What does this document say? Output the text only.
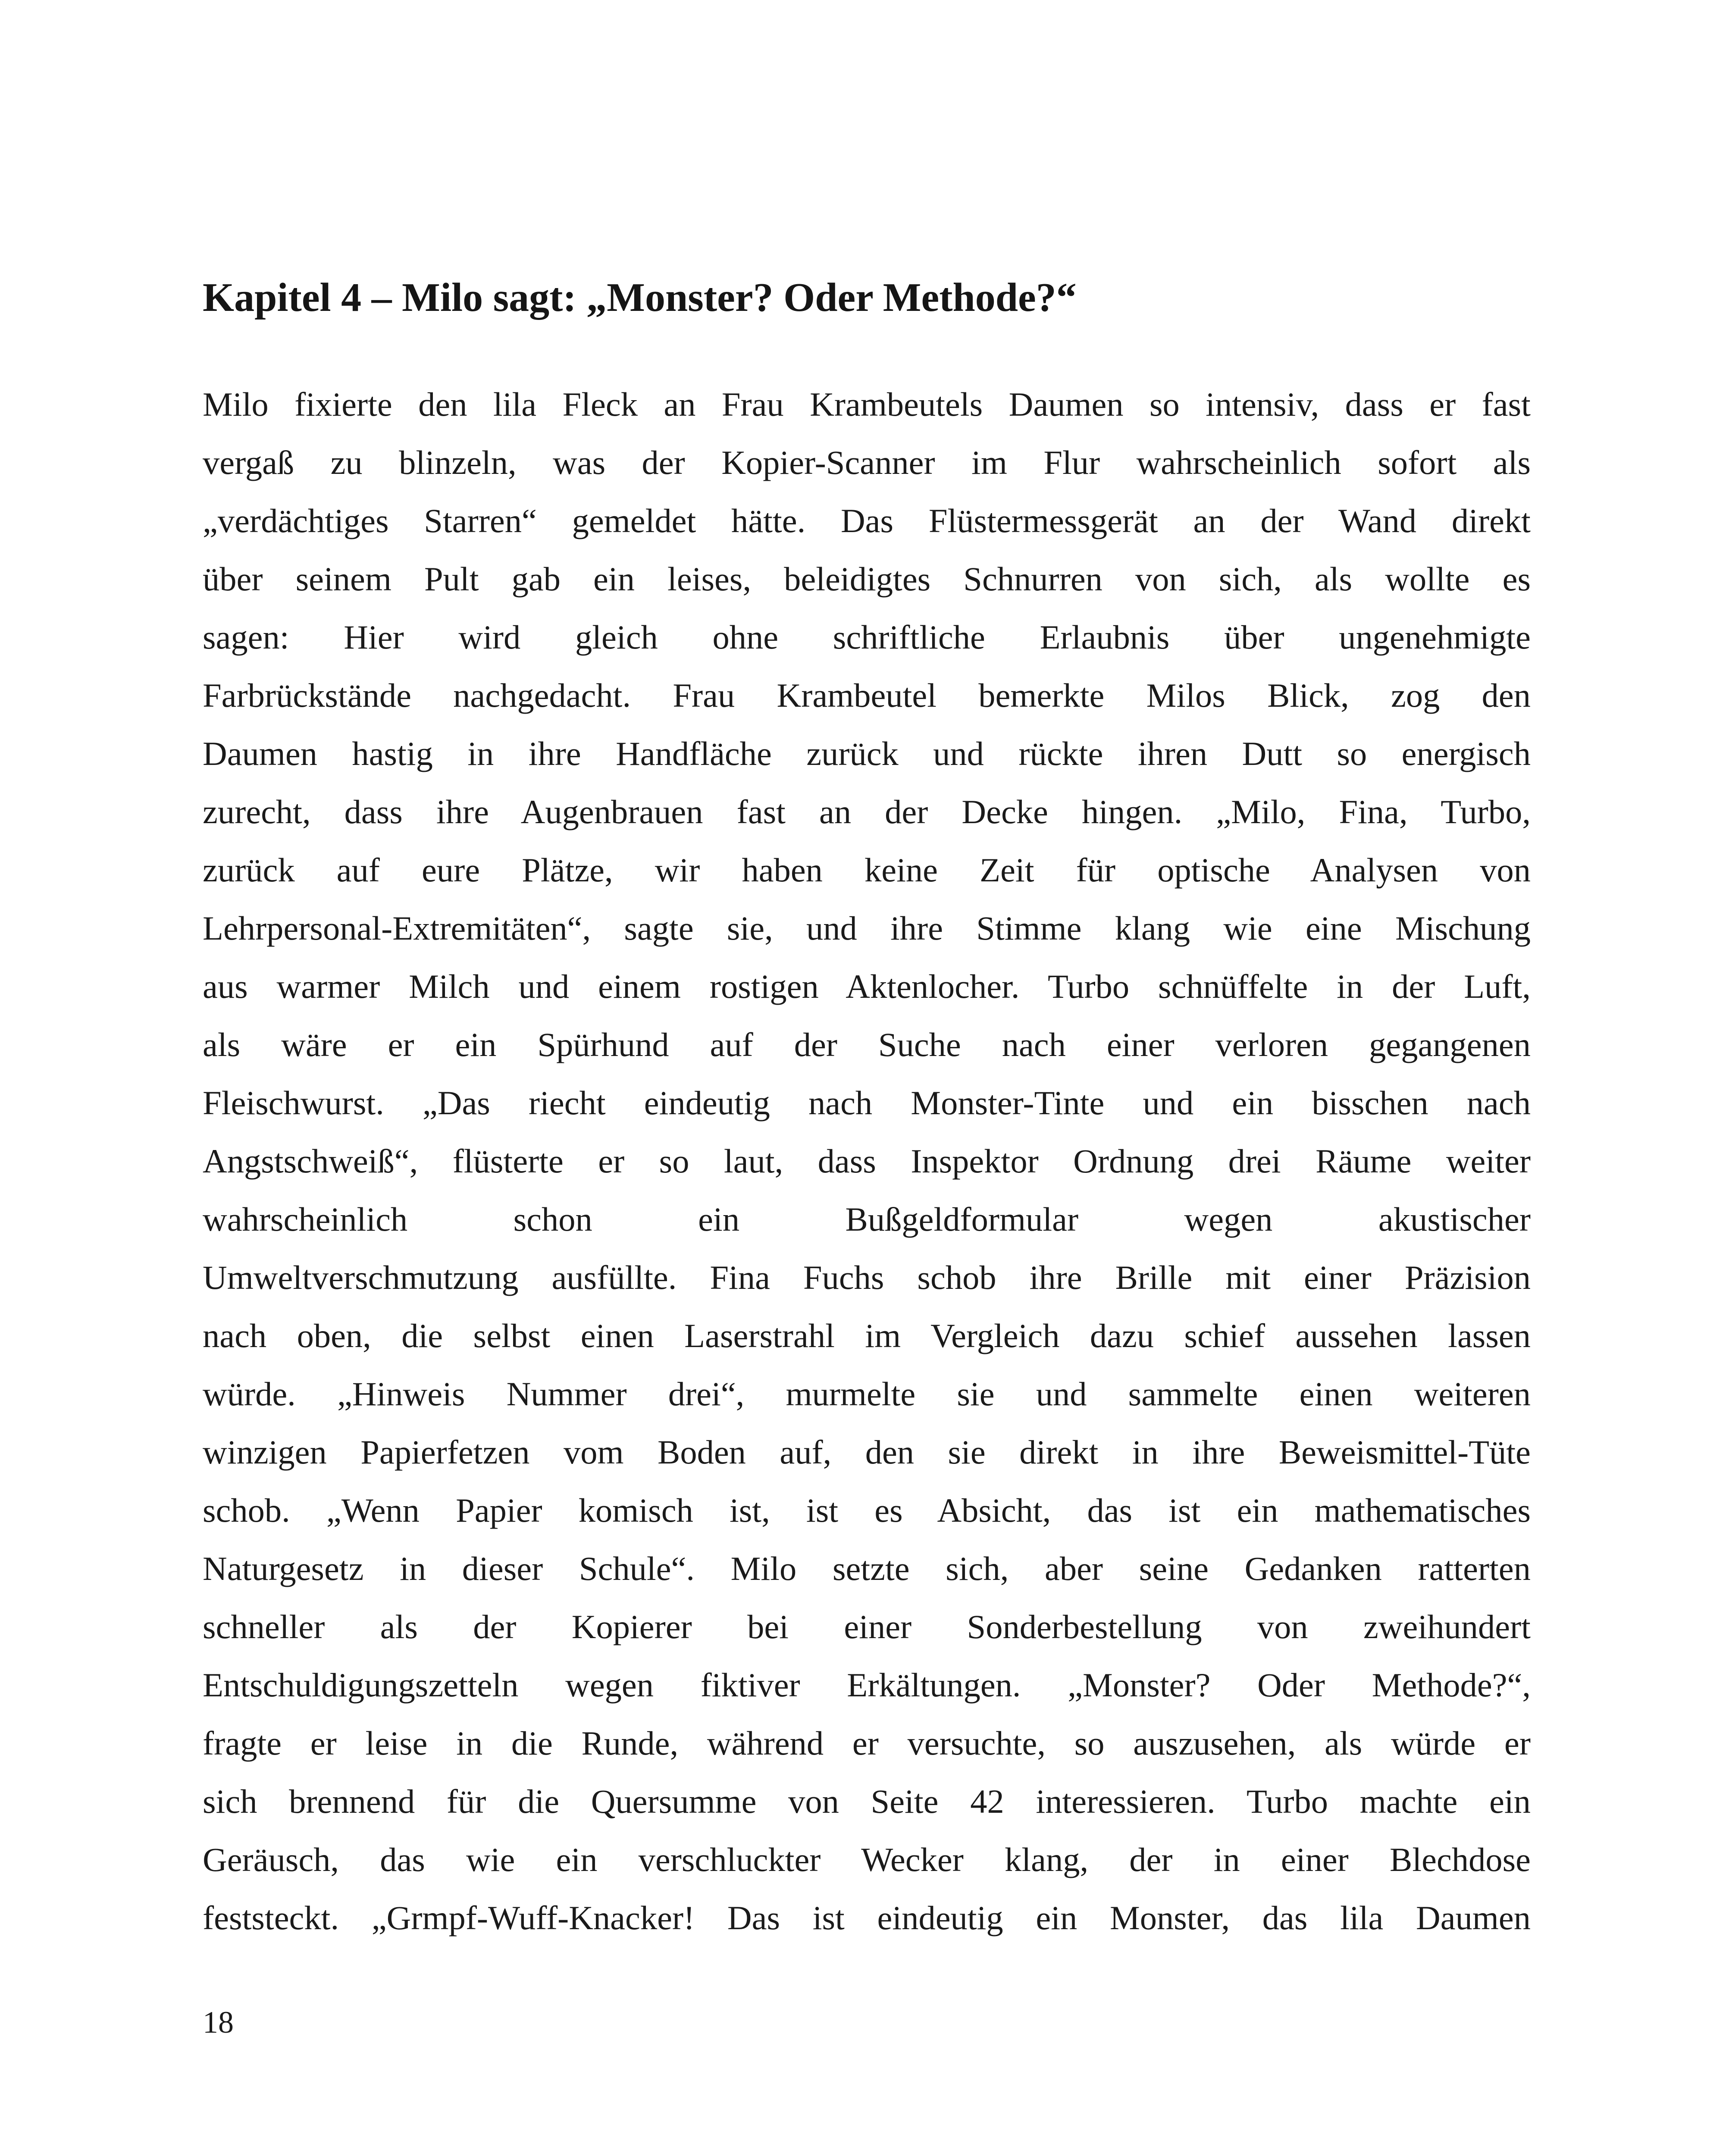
Kapitel 4 – Milo sagt: „Monster? Oder Methode?“
Milo fixierte den lila Fleck an Frau Krambeutels Daumen so intensiv, dass er fast
vergaß zu blinzeln, was der Kopier-Scanner im Flur wahrscheinlich sofort als
„verdächtiges Starren“ gemeldet hätte. Das Flüstermessgerät an der Wand direkt
über seinem Pult gab ein leises, beleidigtes Schnurren von sich, als wollte es
sagen: Hier wird gleich ohne schriftliche Erlaubnis über ungenehmigte
Farbrückstände nachgedacht. Frau Krambeutel bemerkte Milos Blick, zog den
Daumen hastig in ihre Handfläche zurück und rückte ihren Dutt so energisch
zurecht, dass ihre Augenbrauen fast an der Decke hingen. „Milo, Fina, Turbo,
zurück auf eure Plätze, wir haben keine Zeit für optische Analysen von
Lehrpersonal-Extremitäten“, sagte sie, und ihre Stimme klang wie eine Mischung
aus warmer Milch und einem rostigen Aktenlocher. Turbo schnüffelte in der Luft,
als wäre er ein Spürhund auf der Suche nach einer verloren gegangenen
Fleischwurst. „Das riecht eindeutig nach Monster-Tinte und ein bisschen nach
Angstschweiß“, flüsterte er so laut, dass Inspektor Ordnung drei Räume weiter
wahrscheinlich schon ein Bußgeldformular wegen akustischer
Umweltverschmutzung ausfüllte. Fina Fuchs schob ihre Brille mit einer Präzision
nach oben, die selbst einen Laserstrahl im Vergleich dazu schief aussehen lassen
würde. „Hinweis Nummer drei“, murmelte sie und sammelte einen weiteren
winzigen Papierfetzen vom Boden auf, den sie direkt in ihre Beweismittel-Tüte
schob. „Wenn Papier komisch ist, ist es Absicht, das ist ein mathematisches
Naturgesetz in dieser Schule“. Milo setzte sich, aber seine Gedanken ratterten
schneller als der Kopierer bei einer Sonderbestellung von zweihundert
Entschuldigungszetteln wegen fiktiver Erkältungen. „Monster? Oder Methode?“,
fragte er leise in die Runde, während er versuchte, so auszusehen, als würde er
sich brennend für die Quersumme von Seite 42 interessieren. Turbo machte ein
Geräusch, das wie ein verschluckter Wecker klang, der in einer Blechdose
feststeckt. „Grmpf-Wuff-Knacker! Das ist eindeutig ein Monster, das lila Daumen

18
